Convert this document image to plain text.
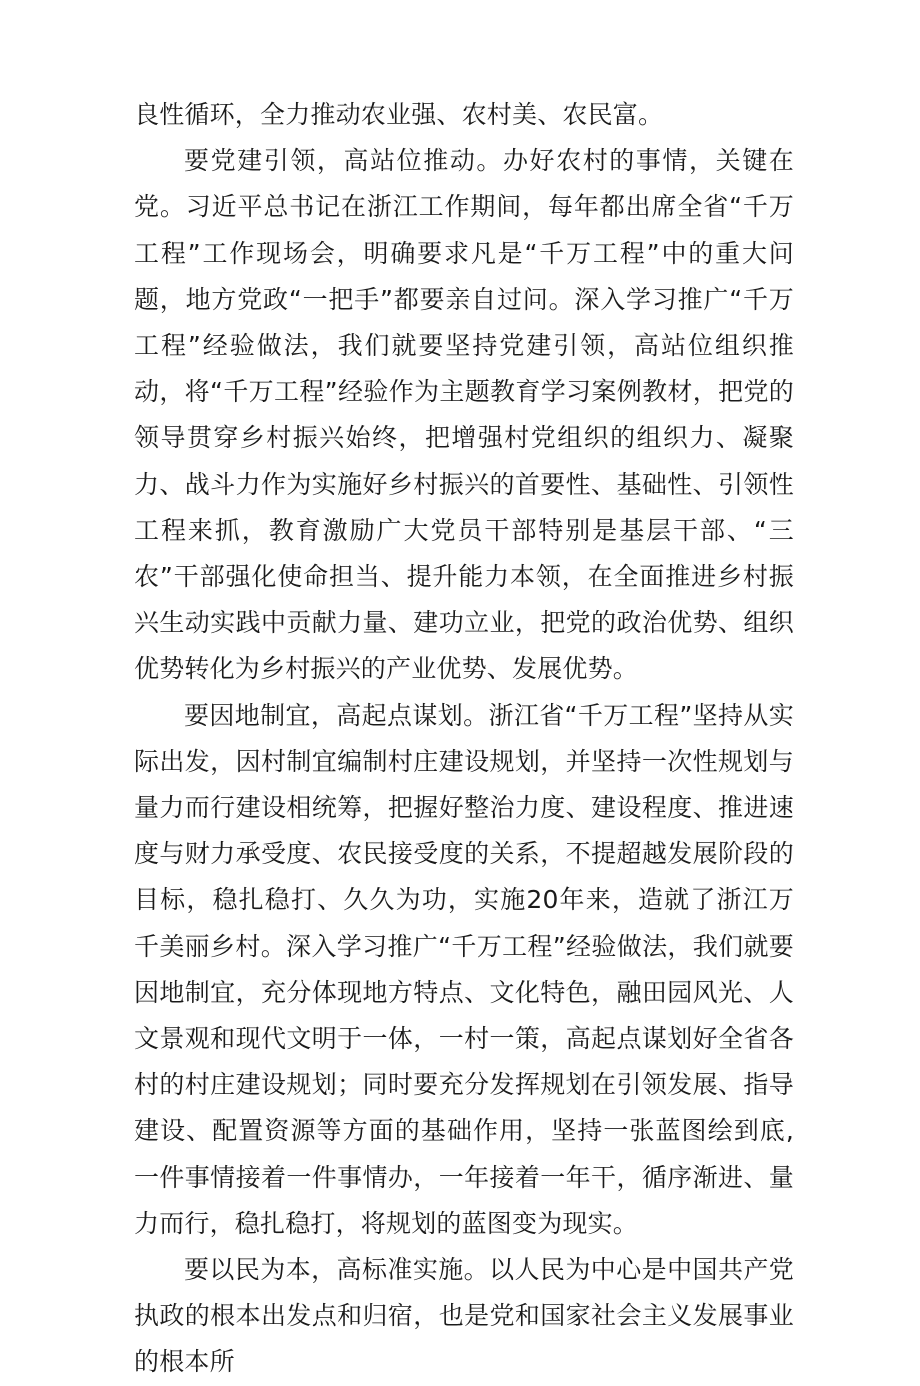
良性循环，全力推动农业强、农村美、农民富。

要党建引领，高站位推动。办好农村的事情，关键在党。习近平总书记在浙江工作期间，每年都出席全省“千万工程”工作现场会，明确要求凡是“千万工程”中的重大问题，地方党政“一把手”都要亲自过问。深入学习推广“千万工程”经验做法，我们就要坚持党建引领，高站位组织推动，将“千万工程”经验作为主题教育学习案例教材，把党的领导贯穿乡村振兴始终，把增强村党组织的组织力、凝聚力、战斗力作为实施好乡村振兴的首要性、基础性、引领性工程来抓，教育激励广大党员干部特别是基层干部、“三农”干部强化使命担当、提升能力本领，在全面推进乡村振兴生动实践中贡献力量、建功立业，把党的政治优势、组织优势转化为乡村振兴的产业优势、发展优势。

要因地制宜，高起点谋划。浙江省“千万工程”坚持从实际出发，因村制宜编制村庄建设规划，并坚持一次性规划与量力而行建设相统筹，把握好整治力度、建设程度、推进速度与财力承受度、农民接受度的关系，不提超越发展阶段的目标，稳扎稳打、久久为功，实施20年来，造就了浙江万千美丽乡村。深入学习推广“千万工程”经验做法，我们就要因地制宜，充分体现地方特点、文化特色，融田园风光、人文景观和现代文明于一体，一村一策，高起点谋划好全省各村的村庄建设规划；同时要充分发挥规划在引领发展、指导建设、配置资源等方面的基础作用，坚持一张蓝图绘到底,一件事情接着一件事情办，一年接着一年干，循序渐进、量力而行，稳扎稳打，将规划的蓝图变为现实。

要以民为本，高标准实施。以人民为中心是中国共产党执政的根本出发点和归宿，也是党和国家社会主义发展事业的根本所
